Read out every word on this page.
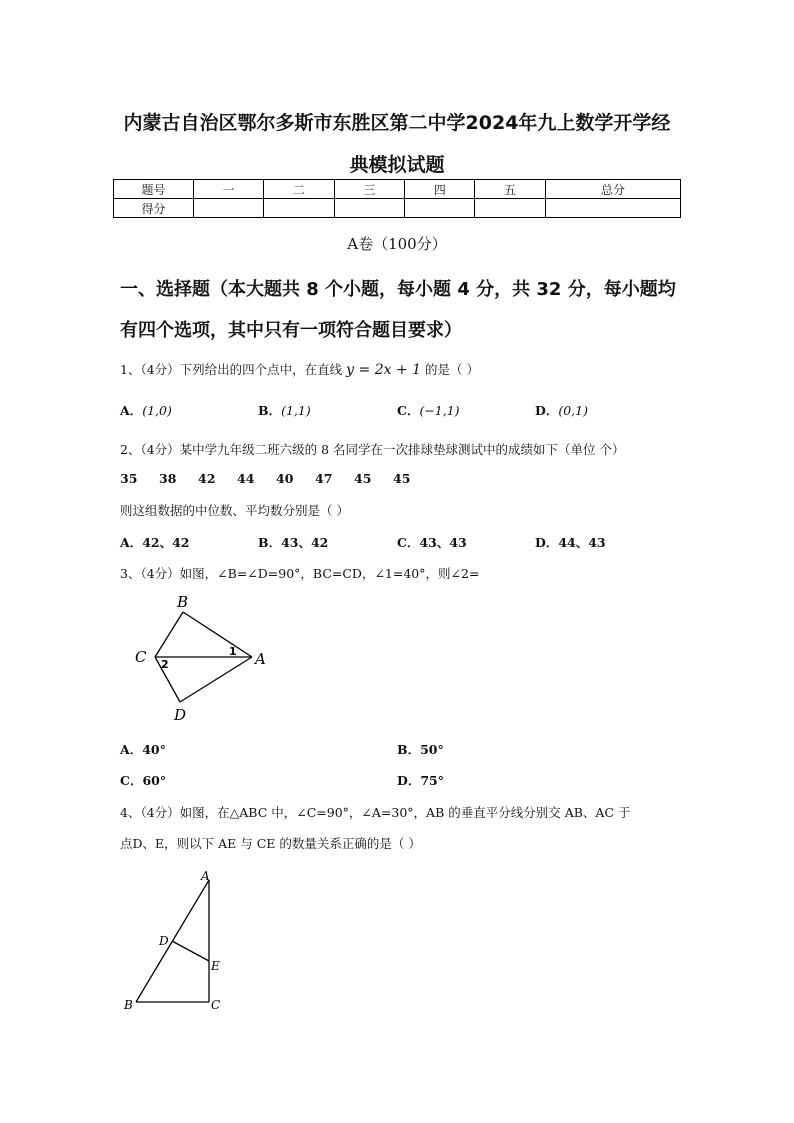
内蒙古自治区鄂尔多斯市东胜区第二中学2024年九上数学开学经
典模拟试题
题号	一	二	三	四	五	总分
得分						
A卷（100分）
一、选择题（本大题共 8 个小题，每小题 4 分，共 32 分，每小题均
有四个选项，其中只有一项符合题目要求）
1、（4分）下列给出的四个点中，在直线 y = 2x + 1 的是（ ）
A．(1,0)	B．(1,1)	C．(−1,1)	D．(0,1)
2、（4分）某中学九年级二班六级的 8 名同学在一次排球垫球测试中的成绩如下（单位 个）
35 38 42 44 40 47 45 45
则这组数据的中位数、平均数分别是（ ）
A．42、42	B．43、42	C．43、43	D．44、43
3、（4分）如图，∠B=∠D=90°，BC=CD，∠1=40°，则∠2=
B
C	A
D
1
2
A．40°	B．50°
C．60°	D．75°
4、（4分）如图，在△ABC 中，∠C=90°，∠A=30°，AB 的垂直平分线分别交 AB、AC 于
点D、E，则以下 AE 与 CE 的数量关系正确的是（ ）
A
D
E
B	C
